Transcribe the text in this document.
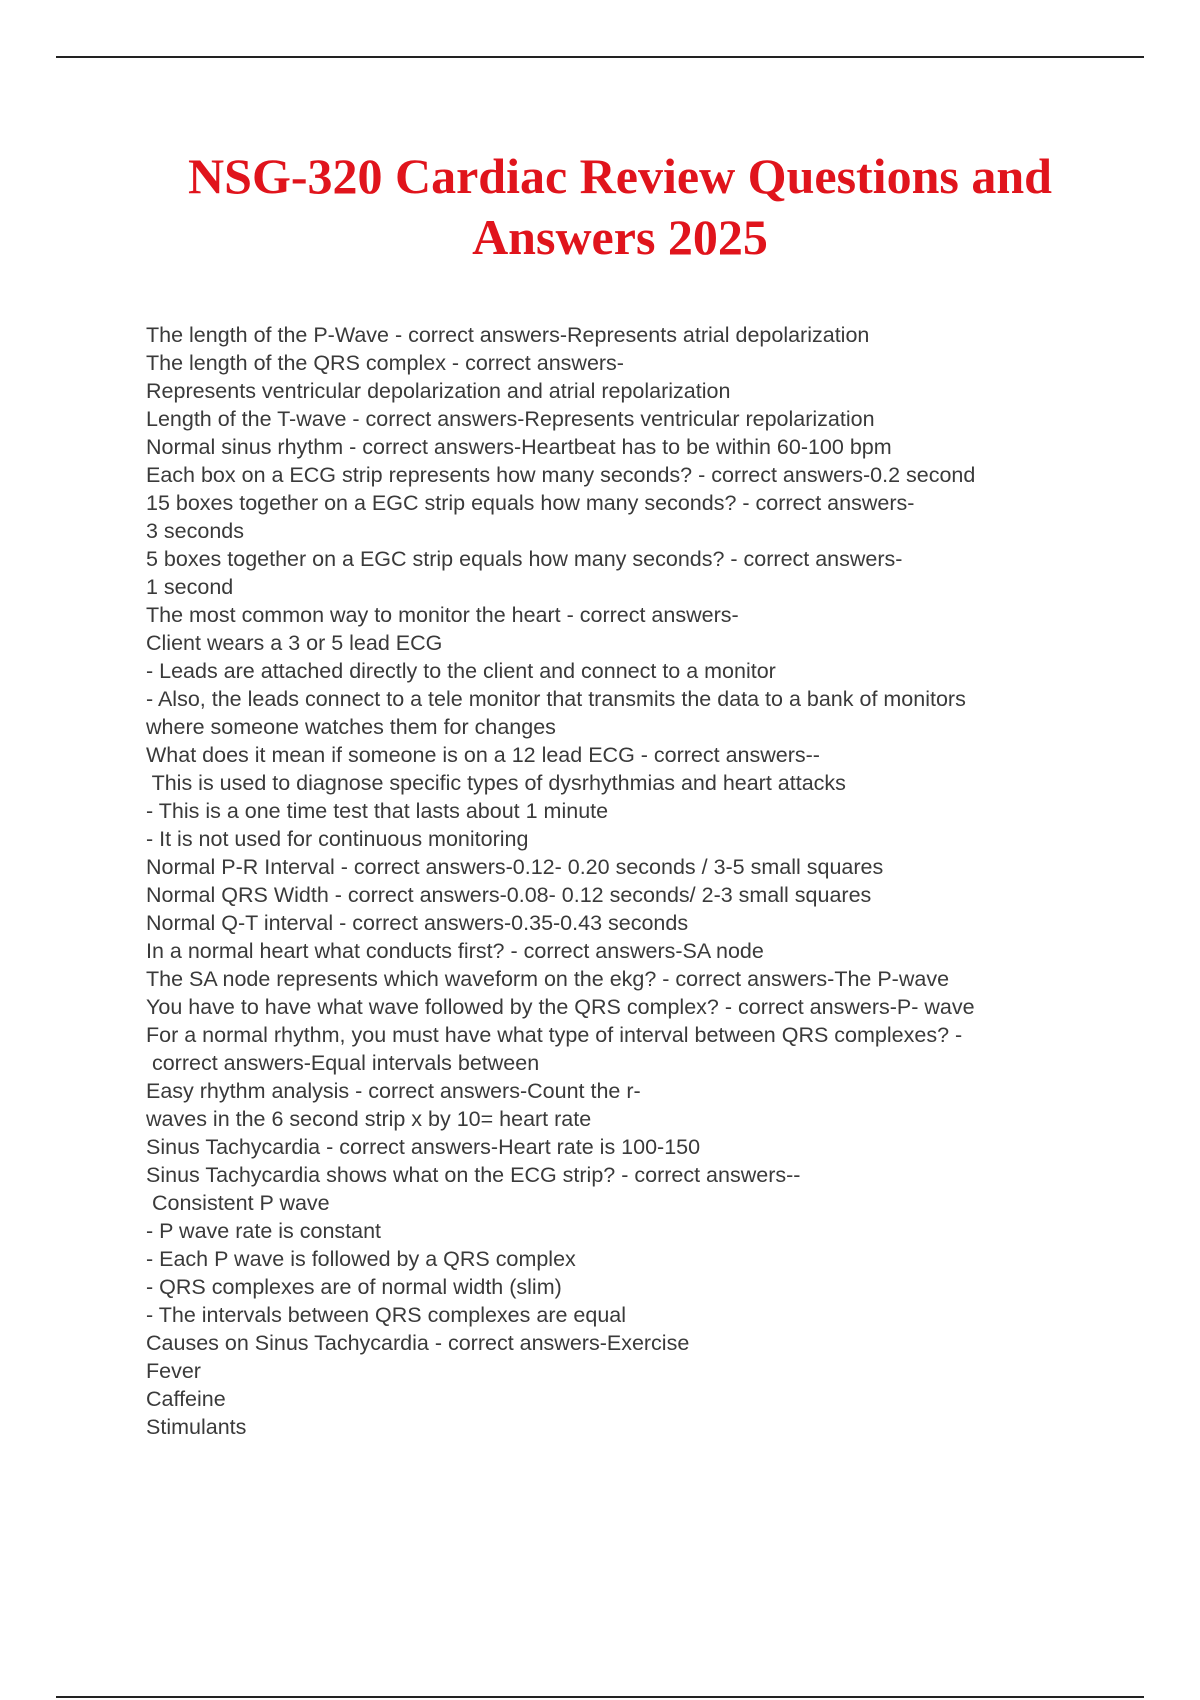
NSG-320 Cardiac Review Questions and
Answers 2025
The length of the P-Wave - correct answers-Represents atrial depolarization
The length of the QRS complex - correct answers-
Represents ventricular depolarization and atrial repolarization
Length of the T-wave - correct answers-Represents ventricular repolarization
Normal sinus rhythm - correct answers-Heartbeat has to be within 60-100 bpm
Each box on a ECG strip represents how many seconds? - correct answers-0.2 second
15 boxes together on a EGC strip equals how many seconds? - correct answers-
3 seconds
5 boxes together on a EGC strip equals how many seconds? - correct answers-
1 second
The most common way to monitor the heart - correct answers-
Client wears a 3 or 5 lead ECG
- Leads are attached directly to the client and connect to a monitor
- Also, the leads connect to a tele monitor that transmits the data to a bank of monitors
where someone watches them for changes
What does it mean if someone is on a 12 lead ECG - correct answers--
This is used to diagnose specific types of dysrhythmias and heart attacks
- This is a one time test that lasts about 1 minute
- It is not used for continuous monitoring
Normal P-R Interval - correct answers-0.12- 0.20 seconds / 3-5 small squares
Normal QRS Width - correct answers-0.08- 0.12 seconds/ 2-3 small squares
Normal Q-T interval - correct answers-0.35-0.43 seconds
In a normal heart what conducts first? - correct answers-SA node
The SA node represents which waveform on the ekg? - correct answers-The P-wave
You have to have what wave followed by the QRS complex? - correct answers-P- wave
For a normal rhythm, you must have what type of interval between QRS complexes? -
correct answers-Equal intervals between
Easy rhythm analysis - correct answers-Count the r-
waves in the 6 second strip x by 10= heart rate
Sinus Tachycardia - correct answers-Heart rate is 100-150
Sinus Tachycardia shows what on the ECG strip? - correct answers--
Consistent P wave
- P wave rate is constant
- Each P wave is followed by a QRS complex
- QRS complexes are of normal width (slim)
- The intervals between QRS complexes are equal
Causes on Sinus Tachycardia - correct answers-Exercise
Fever
Caffeine
Stimulants
